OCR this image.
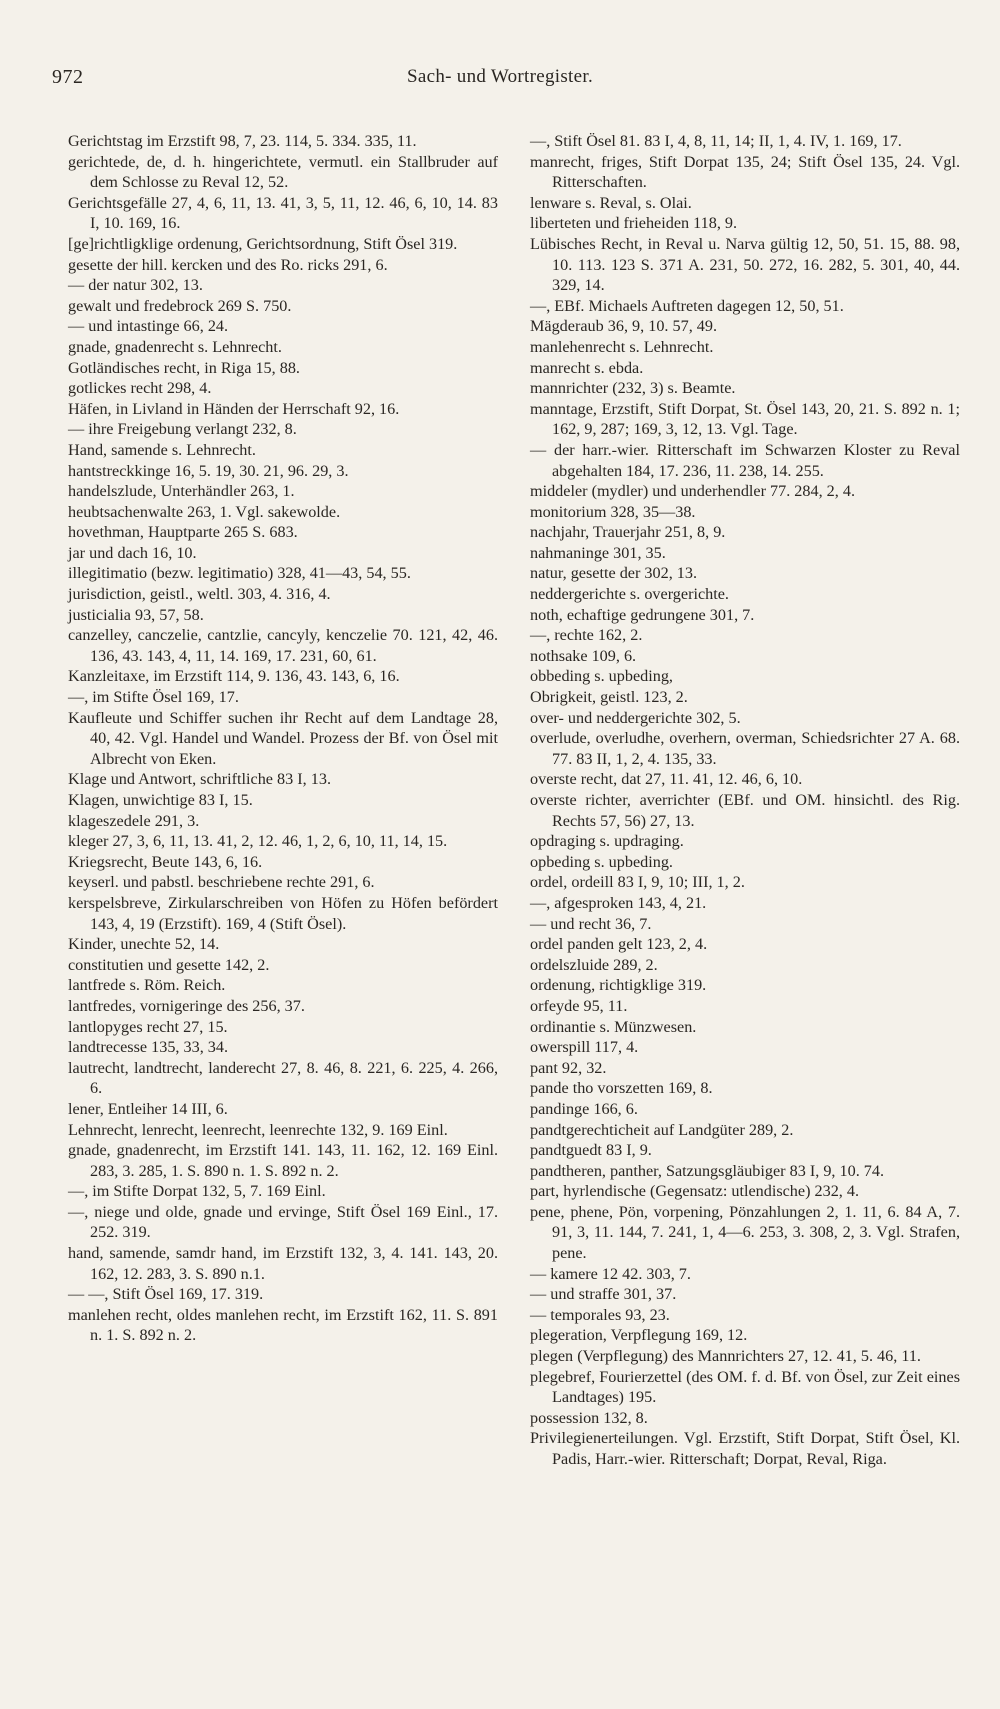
972	Sach- und Wortregister.
Gerichtstag im Erzstift 98, 7, 23. 114, 5. 334. 335, 11.
gerichtede, de, d. h. hingerichtete, vermutl. ein Stallbruder auf dem Schlosse zu Reval 12, 52.
Gerichtsgefälle 27, 4, 6, 11, 13. 41, 3, 5, 11, 12. 46, 6, 10, 14. 83 I, 10. 169, 16.
[ge]richtligklige ordenung, Gerichtsordnung, Stift Ösel 319.
gesette der hill. kercken und des Ro. ricks 291, 6.
— der natur 302, 13.
gewalt und fredebrock 269 S. 750.
— und intastinge 66, 24.
gnade, gnadenrecht s. Lehnrecht.
Gotländisches recht, in Riga 15, 88.
gotlickes recht 298, 4.
Häfen, in Livland in Händen der Herrschaft 92, 16.
— ihre Freigebung verlangt 232, 8.
Hand, samende s. Lehnrecht.
hantstreckkinge 16, 5. 19, 30. 21, 96. 29, 3.
handelszlude, Unterhändler 263, 1.
heubtsachenwalte 263, 1. Vgl. sakewolde.
hovethman, Hauptparte 265 S. 683.
jar und dach 16, 10.
illegitimatio (bezw. legitimatio) 328, 41—43, 54, 55.
jurisdiction, geistl., weltl. 303, 4. 316, 4.
justicialia 93, 57, 58.
canzelley, canczelie, cantzlie, cancyly, kenczelie 70. 121, 42, 46. 136, 43. 143, 4, 11, 14. 169, 17. 231, 60, 61.
Kanzleitaxe, im Erzstift 114, 9. 136, 43. 143, 6, 16.
—, im Stifte Ösel 169, 17.
Kaufleute und Schiffer suchen ihr Recht auf dem Landtage 28, 40, 42. Vgl. Handel und Wandel. Prozess der Bf. von Ösel mit Albrecht von Eken.
Klage und Antwort, schriftliche 83 I, 13.
Klagen, unwichtige 83 I, 15.
klageszedele 291, 3.
kleger 27, 3, 6, 11, 13. 41, 2, 12. 46, 1, 2, 6, 10, 11, 14, 15.
Kriegsrecht, Beute 143, 6, 16.
keyserl. und pabstl. beschriebene rechte 291, 6.
kerspelsbreve, Zirkularschreiben von Höfen zu Höfen befördert 143, 4, 19 (Erzstift). 169, 4 (Stift Ösel).
Kinder, unechte 52, 14.
constitutien und gesette 142, 2.
lantfrede s. Röm. Reich.
lantfredes, vornigeringe des 256, 37.
lantlopyges recht 27, 15.
landtrecesse 135, 33, 34.
lautrecht, landtrecht, landerecht 27, 8. 46, 8. 221, 6. 225, 4. 266, 6.
lener, Entleiher 14 III, 6.
Lehnrecht, lenrecht, leenrecht, leenrechte 132, 9. 169 Einl.
gnade, gnadenrecht, im Erzstift 141. 143, 11. 162, 12. 169 Einl. 283, 3. 285, 1. S. 890 n. 1. S. 892 n. 2.
—, im Stifte Dorpat 132, 5, 7. 169 Einl.
—, niege und olde, gnade und ervinge, Stift Ösel 169 Einl., 17. 252. 319.
hand, samende, samdr hand, im Erzstift 132, 3, 4. 141. 143, 20. 162, 12. 283, 3. S. 890 n.1.
— —, Stift Ösel 169, 17. 319.
manlehen recht, oldes manlehen recht, im Erzstift 162, 11. S. 891 n. 1. S. 892 n. 2.
—, Stift Ösel 81. 83 I, 4, 8, 11, 14; II, 1, 4. IV, 1. 169, 17.
manrecht, friges, Stift Dorpat 135, 24; Stift Ösel 135, 24. Vgl. Ritterschaften.
lenware s. Reval, s. Olai.
liberteten und frieheiden 118, 9.
Lübisches Recht, in Reval u. Narva gültig 12, 50, 51. 15, 88. 98, 10. 113. 123 S. 371 A. 231, 50. 272, 16. 282, 5. 301, 40, 44. 329, 14.
—, EBf. Michaels Auftreten dagegen 12, 50, 51.
Mägderaub 36, 9, 10. 57, 49.
manlehenrecht s. Lehnrecht.
manrecht s. ebda.
mannrichter (232, 3) s. Beamte.
manntage, Erzstift, Stift Dorpat, St. Ösel 143, 20, 21. S. 892 n. 1; 162, 9, 287; 169, 3, 12, 13. Vgl. Tage.
— der harr.-wier. Ritterschaft im Schwarzen Kloster zu Reval abgehalten 184, 17. 236, 11. 238, 14. 255.
middeler (mydler) und underhendler 77. 284, 2, 4.
monitorium 328, 35—38.
nachjahr, Trauerjahr 251, 8, 9.
nahmaninge 301, 35.
natur, gesette der 302, 13.
neddergerichte s. overgerichte.
noth, echaftige gedrungene 301, 7.
—, rechte 162, 2.
nothsake 109, 6.
obbeding s. upbeding,
Obrigkeit, geistl. 123, 2.
over- und neddergerichte 302, 5.
overlude, overludhe, overhern, overman, Schiedsrichter 27 A. 68. 77. 83 II, 1, 2, 4. 135, 33.
overste recht, dat 27, 11. 41, 12. 46, 6, 10.
overste richter, averrichter (EBf. und OM. hinsichtl. des Rig. Rechts 57, 56) 27, 13.
opdraging s. updraging.
opbeding s. upbeding.
ordel, ordeill 83 I, 9, 10; III, 1, 2.
—, afgesproken 143, 4, 21.
— und recht 36, 7.
ordel panden gelt 123, 2, 4.
ordelszluide 289, 2.
ordenung, richtigklige 319.
orfeyde 95, 11.
ordinantie s. Münzwesen.
owerspill 117, 4.
pant 92, 32.
pande tho vorszetten 169, 8.
pandinge 166, 6.
pandtgerechticheit auf Landgüter 289, 2.
pandtguedt 83 I, 9.
pandtheren, panther, Satzungsgläubiger 83 I, 9, 10. 74.
part, hyrlendische (Gegensatz: utlendische) 232, 4.
pene, phene, Pön, vorpening, Pönzahlungen 2, 1. 11, 6. 84 A, 7. 91, 3, 11. 144, 7. 241, 1, 4—6. 253, 3. 308, 2, 3. Vgl. Strafen, pene.
— kamere 12 42. 303, 7.
— und straffe 301, 37.
— temporales 93, 23.
plegeration, Verpflegung 169, 12.
plegen (Verpflegung) des Mannrichters 27, 12. 41, 5. 46, 11.
plegebref, Fourierzettel (des OM. f. d. Bf. von Ösel, zur Zeit eines Landtages) 195.
possession 132, 8.
Privilegienerteilungen. Vgl. Erzstift, Stift Dorpat, Stift Ösel, Kl. Padis, Harr.-wier. Ritterschaft; Dorpat, Reval, Riga.
